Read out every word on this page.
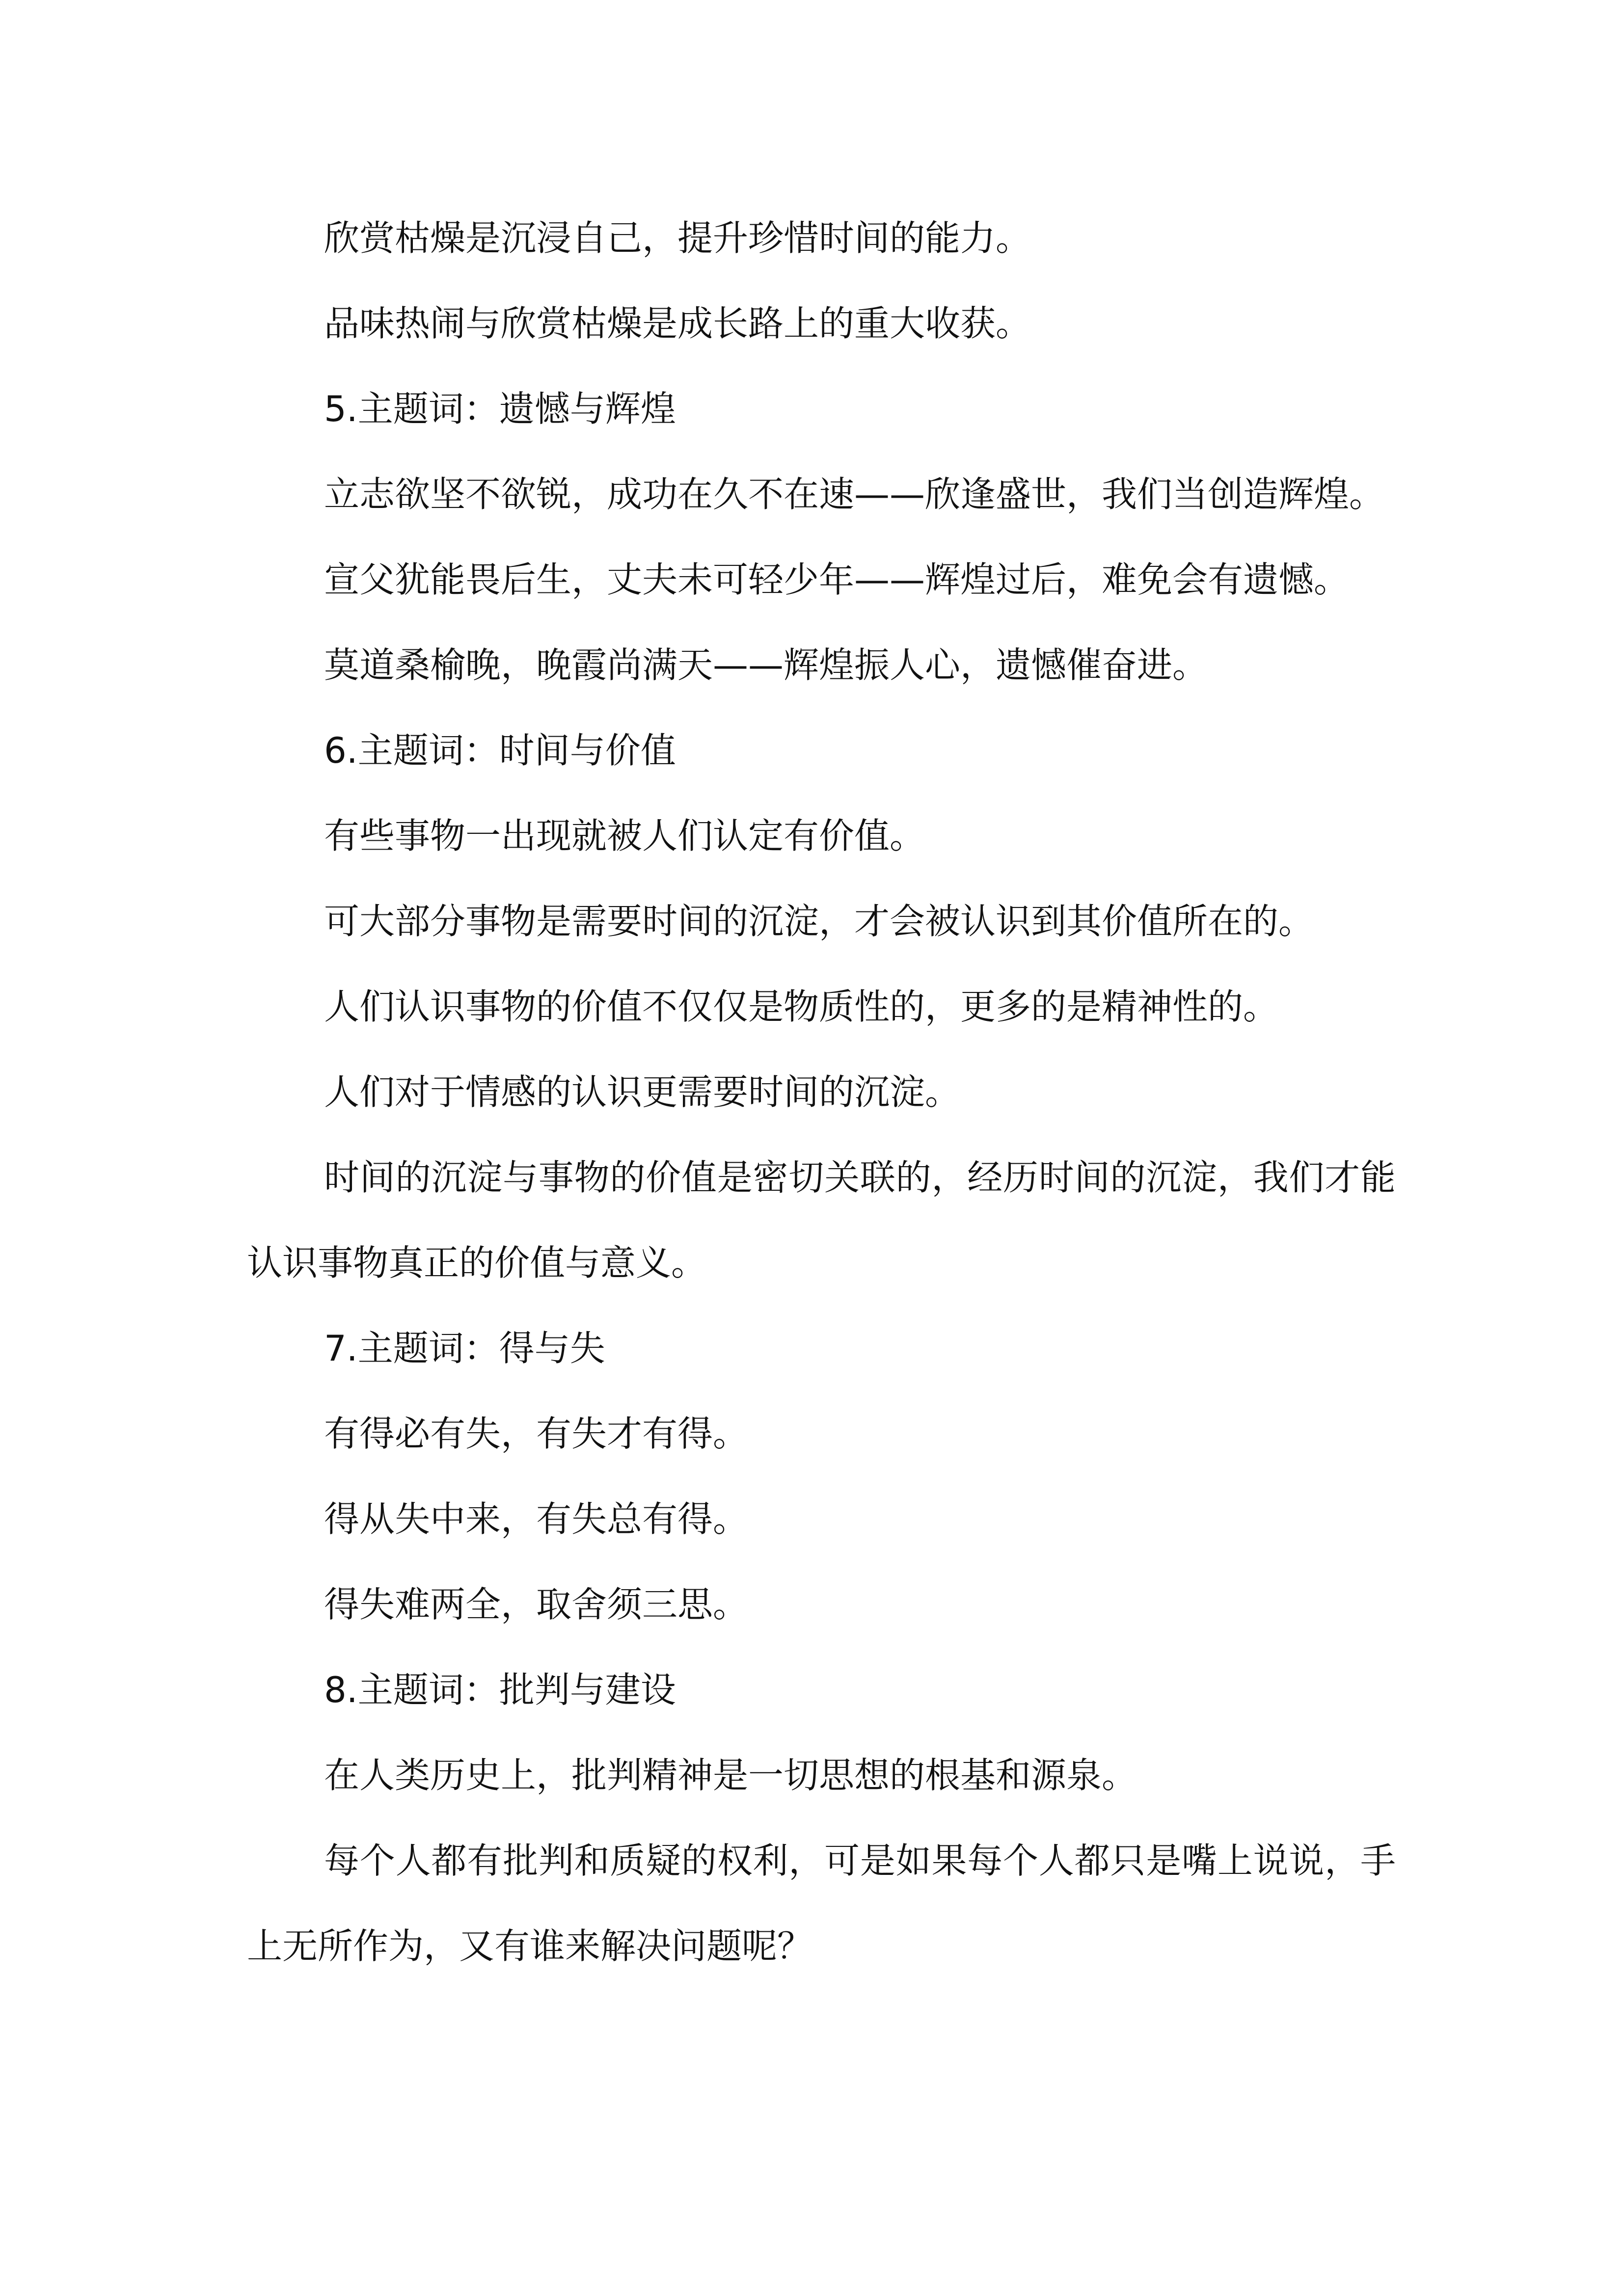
欣赏枯燥是沉浸自己，提升珍惜时间的能力。

品味热闹与欣赏枯燥是成长路上的重大收获。

5.主题词：遗憾与辉煌

立志欲坚不欲锐，成功在久不在速——欣逢盛世，我们当创造辉煌。

宣父犹能畏后生，丈夫未可轻少年——辉煌过后，难免会有遗憾。

莫道桑榆晚，晚霞尚满天——辉煌振人心，遗憾催奋进。

6.主题词：时间与价值

有些事物一出现就被人们认定有价值。

可大部分事物是需要时间的沉淀，才会被认识到其价值所在的。

人们认识事物的价值不仅仅是物质性的，更多的是精神性的。

人们对于情感的认识更需要时间的沉淀。

时间的沉淀与事物的价值是密切关联的，经历时间的沉淀，我们才能认识事物真正的价值与意义。

7.主题词：得与失

有得必有失，有失才有得。

得从失中来，有失总有得。

得失难两全，取舍须三思。

8.主题词：批判与建设

在人类历史上，批判精神是一切思想的根基和源泉。

每个人都有批判和质疑的权利，可是如果每个人都只是嘴上说说，手上无所作为，又有谁来解决问题呢？
